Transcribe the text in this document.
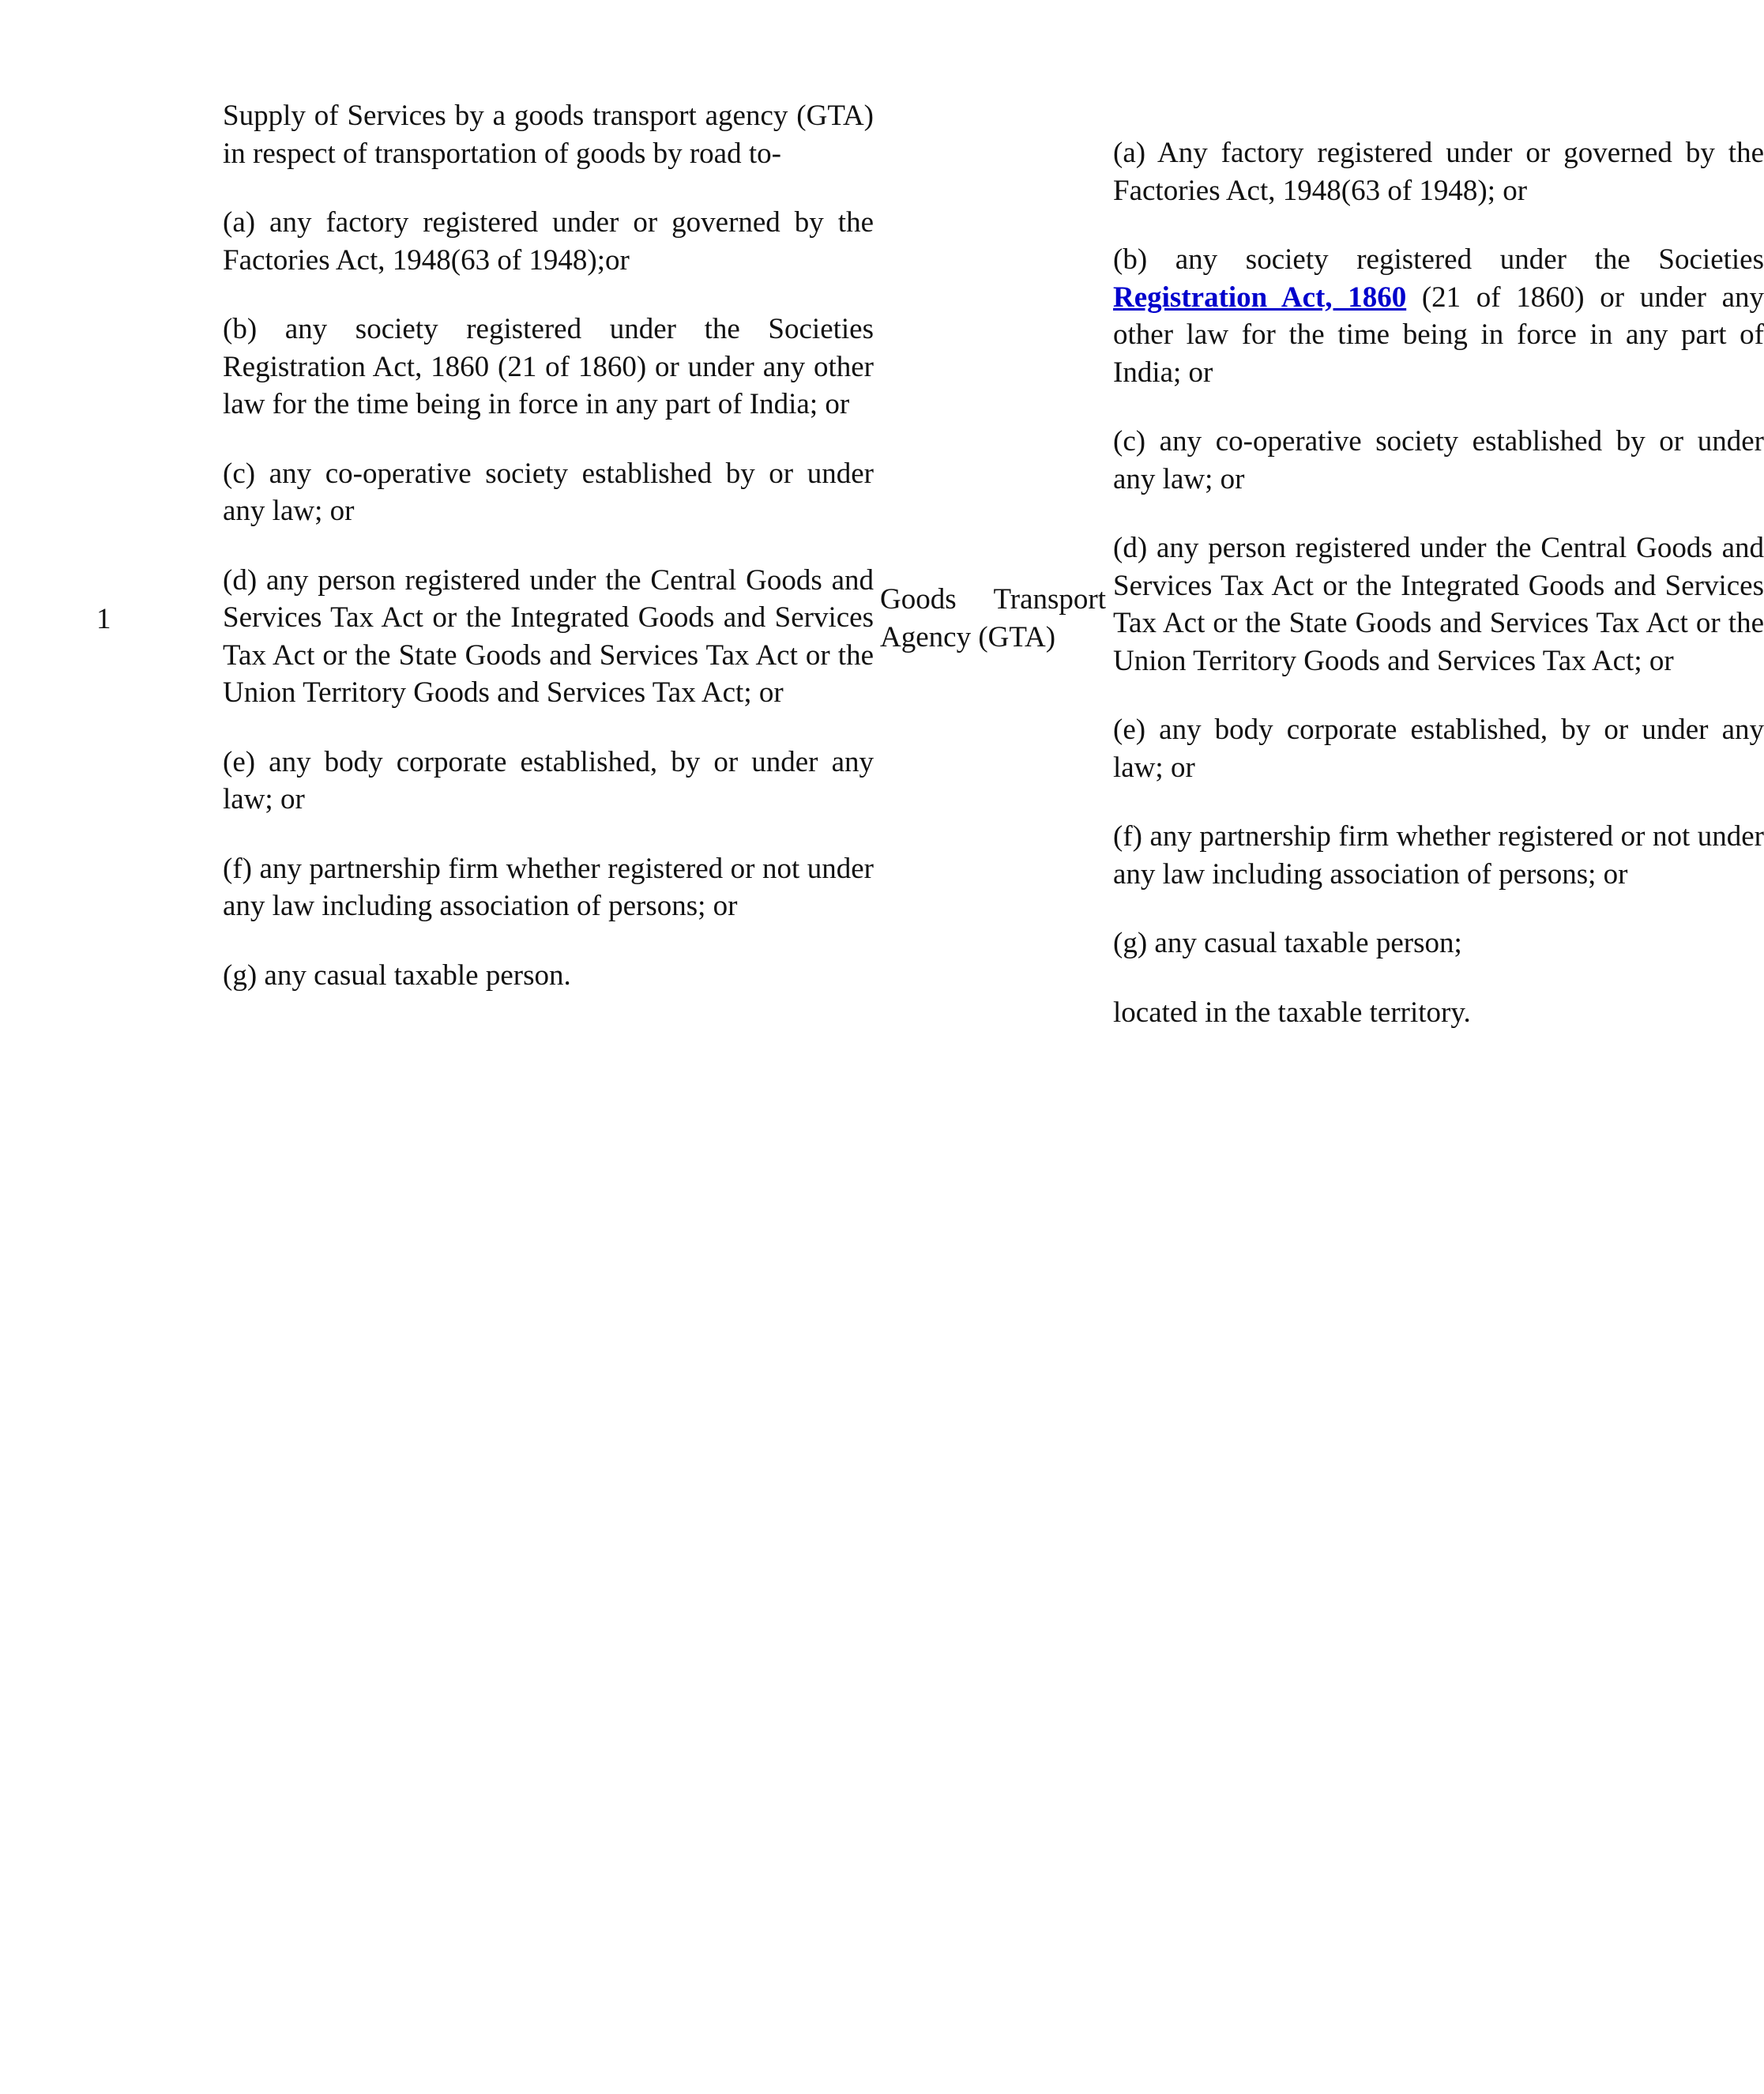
1

Supply of Services by a goods transport agency (GTA) in respect of transportation of goods by road to-

(a) any factory registered under or governed by the Factories Act, 1948(63 of 1948);or

(b) any society registered under the Societies Registration Act, 1860 (21 of 1860) or under any other law for the time being in force in any part of India; or

(c) any co-operative society established by or under any law; or

(d) any person registered under the Central Goods and Services Tax Act or the Integrated Goods and Services Tax Act or the State Goods and Services Tax Act or the Union Territory Goods and Services Tax Act; or

(e) any body corporate established, by or under any law; or

(f) any partnership firm whether registered or not under any law including association of persons; or

(g) any casual taxable person.

Goods Transport Agency (GTA)

(a) Any factory registered under or governed by the Factories Act, 1948(63 of 1948); or

(b) any society registered under the Societies Registration Act, 1860 (21 of 1860) or under any other law for the time being in force in any part of India; or

(c) any co-operative society established by or under any law; or

(d) any person registered under the Central Goods and Services Tax Act or the Integrated Goods and Services Tax Act or the State Goods and Services Tax Act or the Union Territory Goods and Services Tax Act; or

(e) any body corporate established, by or under any law; or

(f) any partnership firm whether registered or not under any law including association of persons; or

(g) any casual taxable person;

located in the taxable territory.
